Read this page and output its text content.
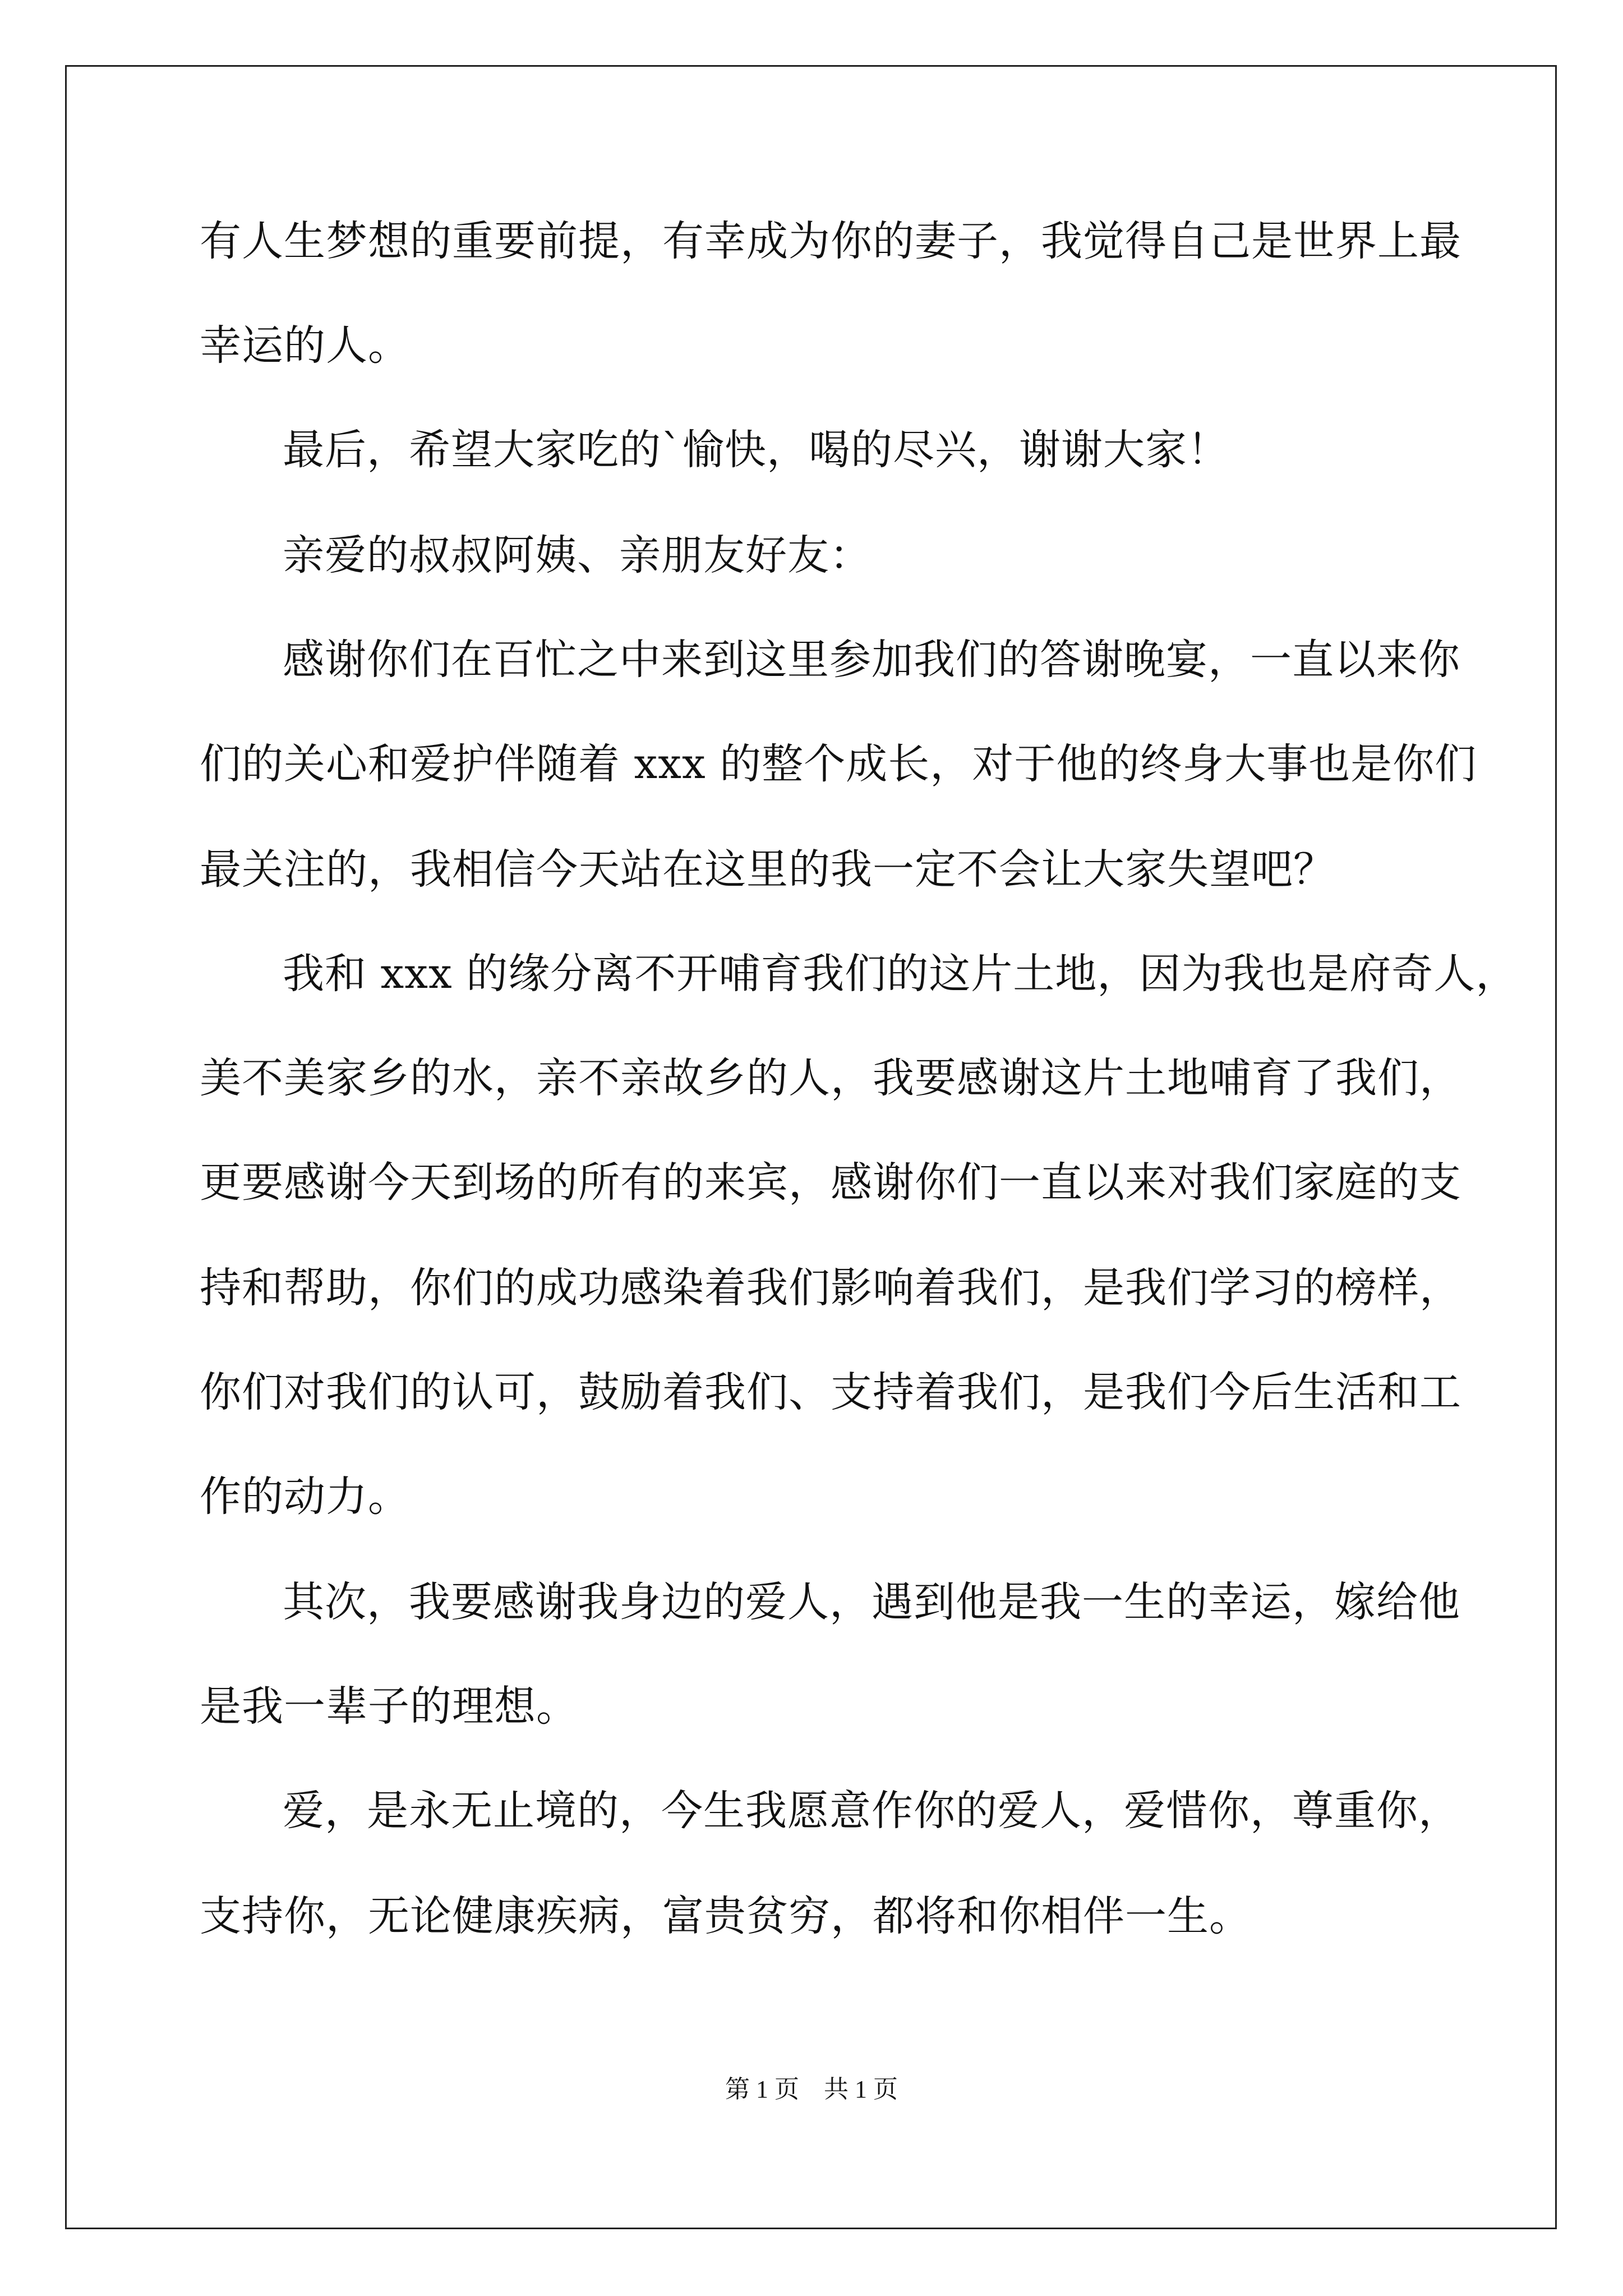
有人生梦想的重要前提，有幸成为你的妻子，我觉得自己是世界上最
幸运的人。
最后，希望大家吃的`愉快，喝的尽兴，谢谢大家！
亲爱的叔叔阿姨、亲朋友好友：
感谢你们在百忙之中来到这里参加我们的答谢晚宴，一直以来你
们的关心和爱护伴随着 xxx 的整个成长，对于他的终身大事也是你们
最关注的，我相信今天站在这里的我一定不会让大家失望吧？
我和 xxx 的缘分离不开哺育我们的这片土地，因为我也是府奇人，
美不美家乡的水，亲不亲故乡的人，我要感谢这片土地哺育了我们，
更要感谢今天到场的所有的来宾，感谢你们一直以来对我们家庭的支
持和帮助，你们的成功感染着我们影响着我们，是我们学习的榜样，
你们对我们的认可，鼓励着我们、支持着我们，是我们今后生活和工
作的动力。
其次，我要感谢我身边的爱人，遇到他是我一生的幸运，嫁给他
是我一辈子的理想。
爱，是永无止境的，今生我愿意作你的爱人，爱惜你，尊重你，
支持你，无论健康疾病，富贵贫穷，都将和你相伴一生。
第 1 页　共 1 页
